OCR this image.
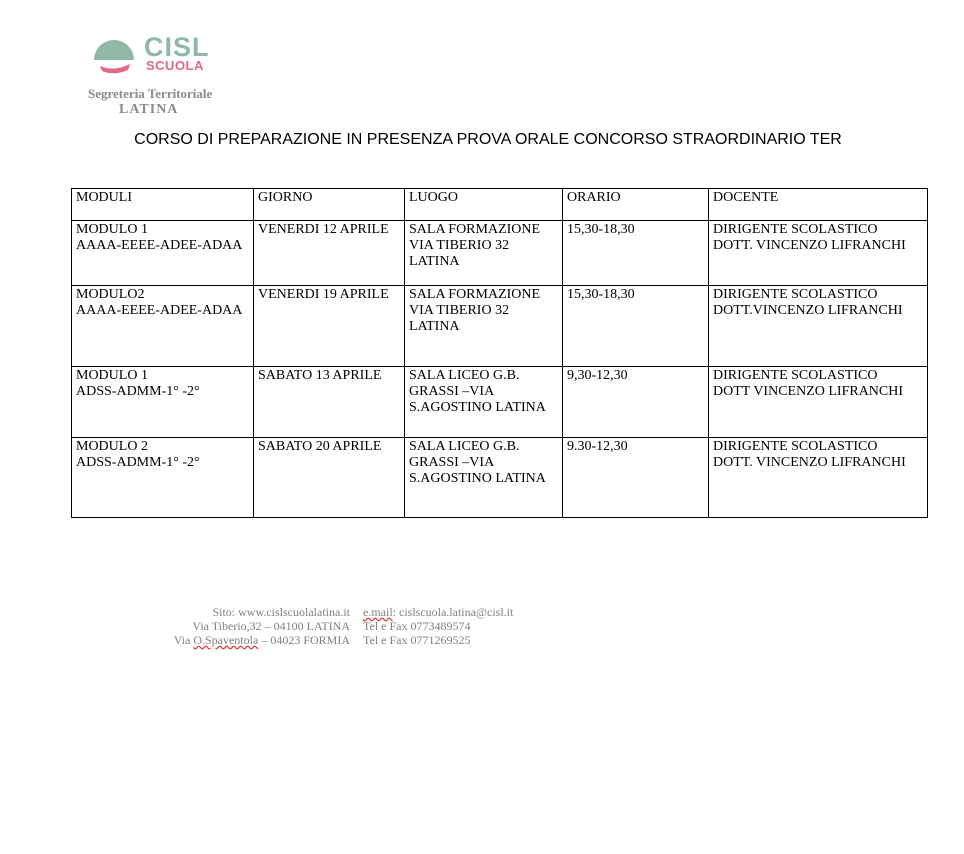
CISL
SCUOLA
Segreteria Territoriale
LATINA
CORSO DI PREPARAZIONE IN PRESENZA PROVA ORALE CONCORSO STRAORDINARIO TER
MODULI	GIORNO	LUOGO	ORARIO	DOCENTE

MODULO 1
AAAA-EEEE-ADEE-ADAA	VENERDI 12 APRILE	SALA FORMAZIONE
VIA TIBERIO 32
LATINA	15,30-18,30	DIRIGENTE SCOLASTICO
DOTT. VINCENZO LIFRANCHI

MODULO2
AAAA-EEEE-ADEE-ADAA	VENERDI 19 APRILE	SALA FORMAZIONE
VIA TIBERIO 32
LATINA	15,30-18,30	DIRIGENTE SCOLASTICO
DOTT.VINCENZO LIFRANCHI

MODULO 1
ADSS-ADMM-1° -2°	SABATO 13 APRILE	SALA LICEO G.B.
GRASSI –VIA
S.AGOSTINO LATINA	9,30-12,30	DIRIGENTE SCOLASTICO
DOTT VINCENZO LIFRANCHI

MODULO 2
ADSS-ADMM-1° -2°	SABATO 20 APRILE	SALA LICEO G.B.
GRASSI –VIA
S.AGOSTINO LATINA	9.30-12,30	DIRIGENTE SCOLASTICO
DOTT. VINCENZO LIFRANCHI
Sito: www.cislscuolalatina.it	e.mail: cislscuola.latina@cisl.it
Via Tiberio,32 – 04100 LATINA	Tel e Fax 0773489574
Via O.Spaventola – 04023 FORMIA	Tel e Fax 0771269525
